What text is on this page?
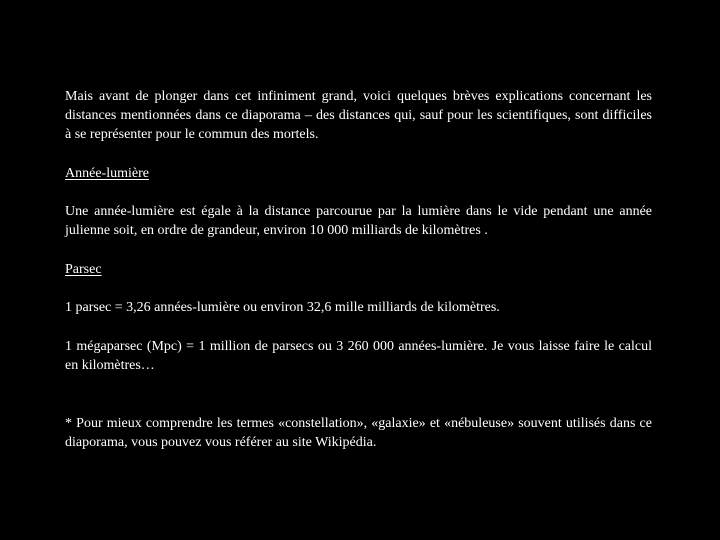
Mais avant de plonger dans cet infiniment grand, voici quelques brèves explications concernant les distances mentionnées dans ce diaporama – des distances qui, sauf pour les scientifiques, sont difficiles à se représenter pour le commun des mortels.

Année-lumière

Une année-lumière est égale à la distance parcourue par la lumière dans le vide pendant une année julienne soit, en ordre de grandeur, environ 10 000 milliards de kilomètres .

Parsec

1 parsec = 3,26 années-lumière ou environ 32,6 mille milliards de kilomètres.

1 mégaparsec (Mpc) = 1 million de parsecs ou 3 260 000 années-lumière. Je vous laisse faire le calcul en kilomètres…

* Pour mieux comprendre les termes «constellation», «galaxie» et «nébuleuse» souvent utilisés dans ce diaporama, vous pouvez vous référer au site Wikipédia.
